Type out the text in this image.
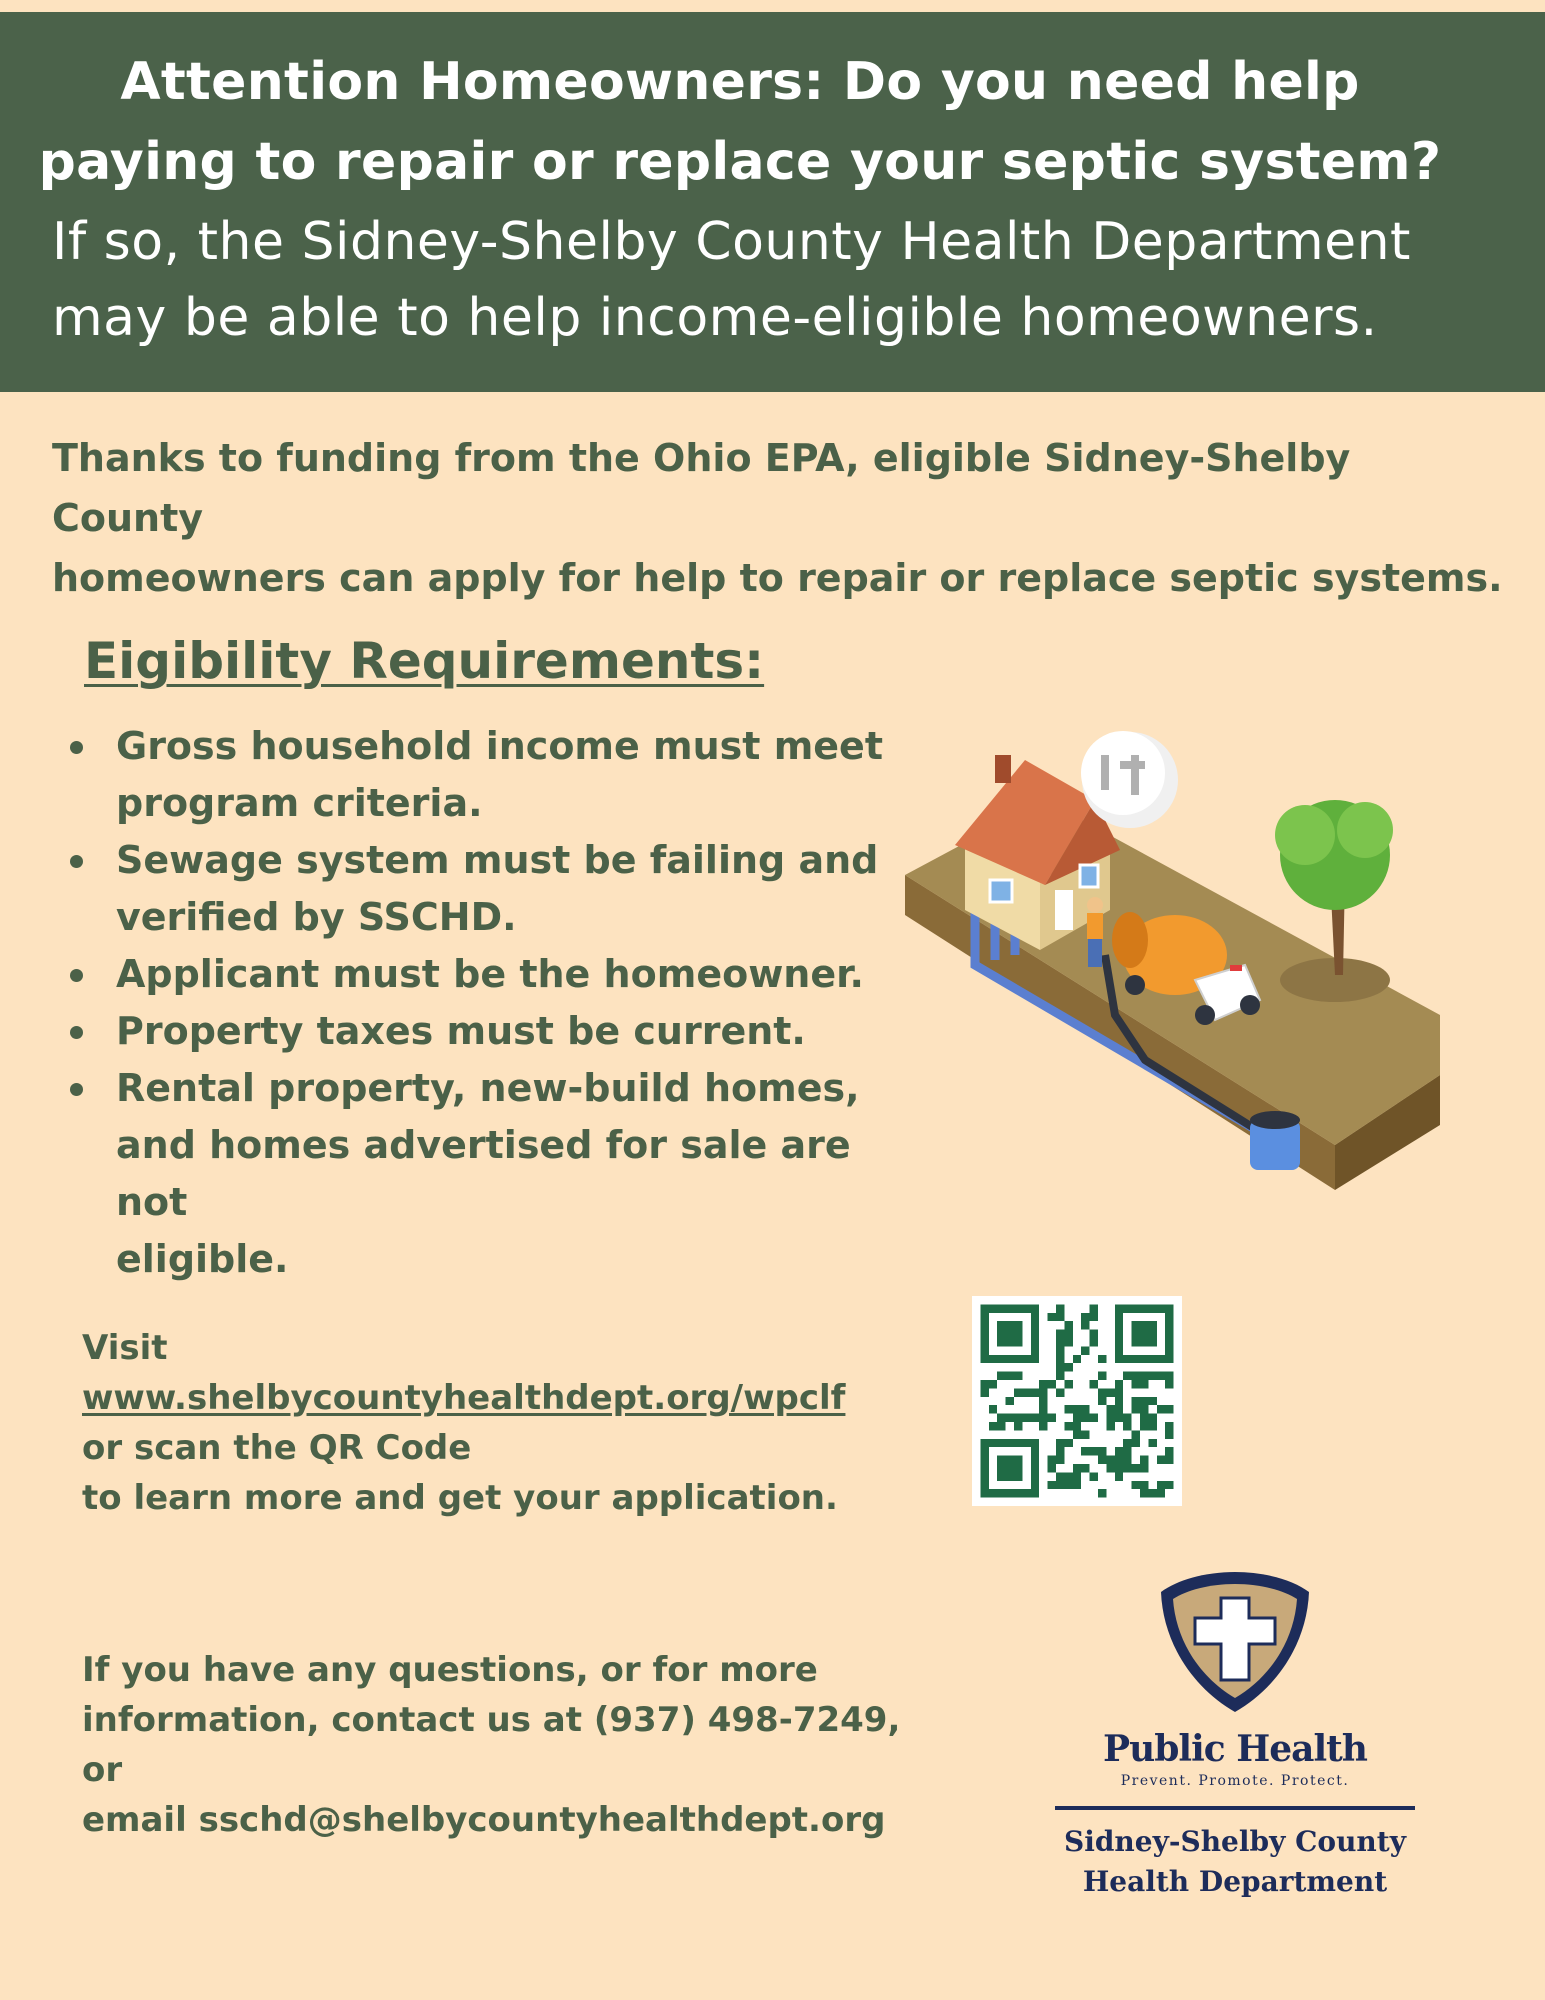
Attention Homeowners: Do you need help
paying to repair or replace your septic system?
If so, the Sidney-Shelby County Health Department
may be able to help income-eligible homeowners.
Thanks to funding from the Ohio EPA, eligible Sidney-Shelby County
homeowners can apply for help to repair or replace septic systems.
Eigibility Requirements:
Gross household income must meet
program criteria.
Sewage system must be failing and
verified by SSCHD.
Applicant must be the homeowner.
Property taxes must be current.
Rental property, new-build homes,
and homes advertised for sale are not
eligible.
Visit www.shelbycountyhealthdept.org/wpclf
or scan the QR Code
to learn more and get your application.
If you have any questions, or for more
information, contact us at (937) 498-7249, or
email sschd@shelbycountyhealthdept.org
Public Health
Prevent. Promote. Protect.
Sidney-Shelby County
Health Department
